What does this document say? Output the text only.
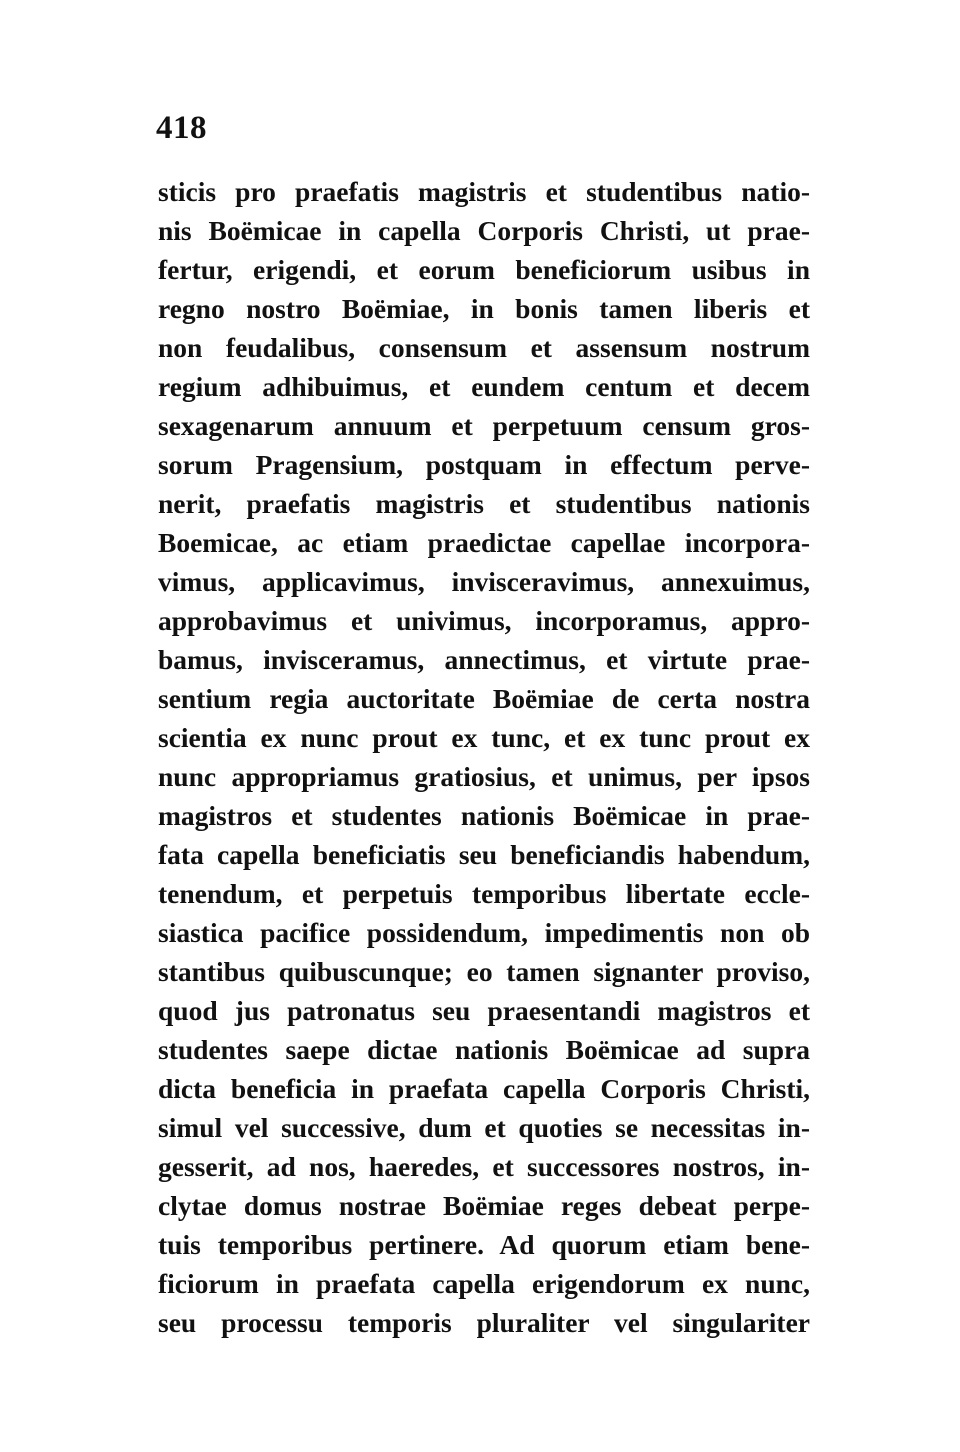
418
sticis pro praefatis magistris et studentibus natio-
nis Boëmicae in capella Corporis Christi, ut prae-
fertur, erigendi, et eorum beneficiorum usibus in
regno nostro Boëmiae, in bonis tamen liberis et
non feudalibus, consensum et assensum nostrum
regium adhibuimus, et eundem centum et decem
sexagenarum annuum et perpetuum censum gros-
sorum Pragensium, postquam in effectum perve-
nerit, praefatis magistris et studentibus nationis
Boemicae, ac etiam praedictae capellae incorpora-
vimus, applicavimus, invisceravimus, annexuimus,
approbavimus et univimus, incorporamus, appro-
bamus, invisceramus, annectimus, et virtute prae-
sentium regia auctoritate Boëmiae de certa nostra
scientia ex nunc prout ex tunc, et ex tunc prout ex
nunc appropriamus gratiosius, et unimus, per ipsos
magistros et studentes nationis Boëmicae in prae-
fata capella beneficiatis seu beneficiandis habendum,
tenendum, et perpetuis temporibus libertate eccle-
siastica pacifice possidendum, impedimentis non ob
stantibus quibuscunque; eo tamen signanter proviso,
quod jus patronatus seu praesentandi magistros et
studentes saepe dictae nationis Boëmicae ad supra
dicta beneficia in praefata capella Corporis Christi,
simul vel successive, dum et quoties se necessitas in-
gesserit, ad nos, haeredes, et successores nostros, in-
clytae domus nostrae Boëmiae reges debeat perpe-
tuis temporibus pertinere. Ad quorum etiam bene-
ficiorum in praefata capella erigendorum ex nunc,
seu processu temporis pluraliter vel singulariter
